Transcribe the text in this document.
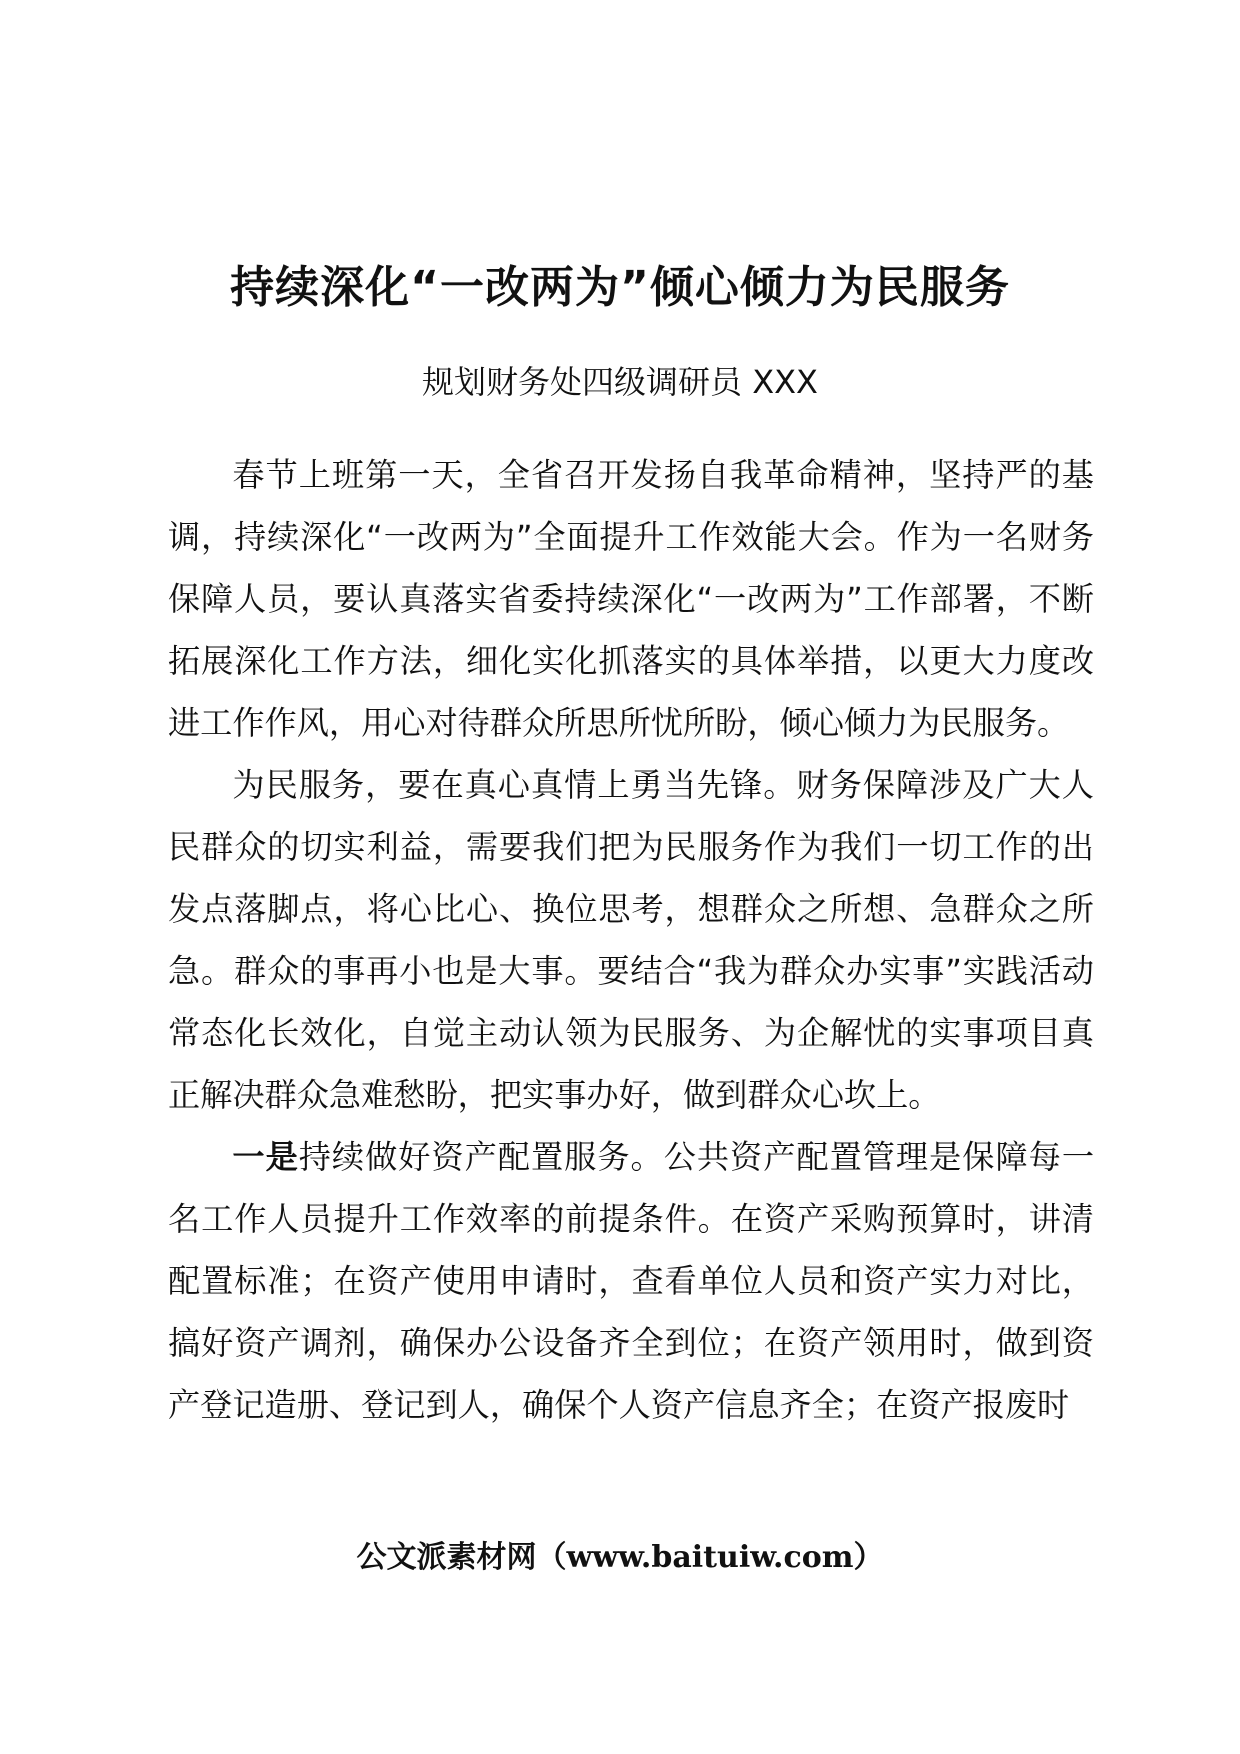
持续深化“一改两为”倾心倾力为民服务
规划财务处四级调研员 XXX

春节上班第一天，全省召开发扬自我革命精神，坚持严的基调，持续深化“一改两为”全面提升工作效能大会。作为一名财务保障人员，要认真落实省委持续深化“一改两为”工作部署，不断拓展深化工作方法，细化实化抓落实的具体举措，以更大力度改进工作作风，用心对待群众所思所忧所盼，倾心倾力为民服务。

为民服务，要在真心真情上勇当先锋。财务保障涉及广大人民群众的切实利益，需要我们把为民服务作为我们一切工作的出发点落脚点，将心比心、换位思考，想群众之所想、急群众之所急。群众的事再小也是大事。要结合“我为群众办实事”实践活动常态化长效化，自觉主动认领为民服务、为企解忧的实事项目真正解决群众急难愁盼，把实事办好，做到群众心坎上。

一是持续做好资产配置服务。公共资产配置管理是保障每一名工作人员提升工作效率的前提条件。在资产采购预算时，讲清配置标准；在资产使用申请时，查看单位人员和资产实力对比，搞好资产调剂，确保办公设备齐全到位；在资产领用时，做到资产登记造册、登记到人，确保个人资产信息齐全；在资产报废时

公文派素材网（www.baituiw.com）
